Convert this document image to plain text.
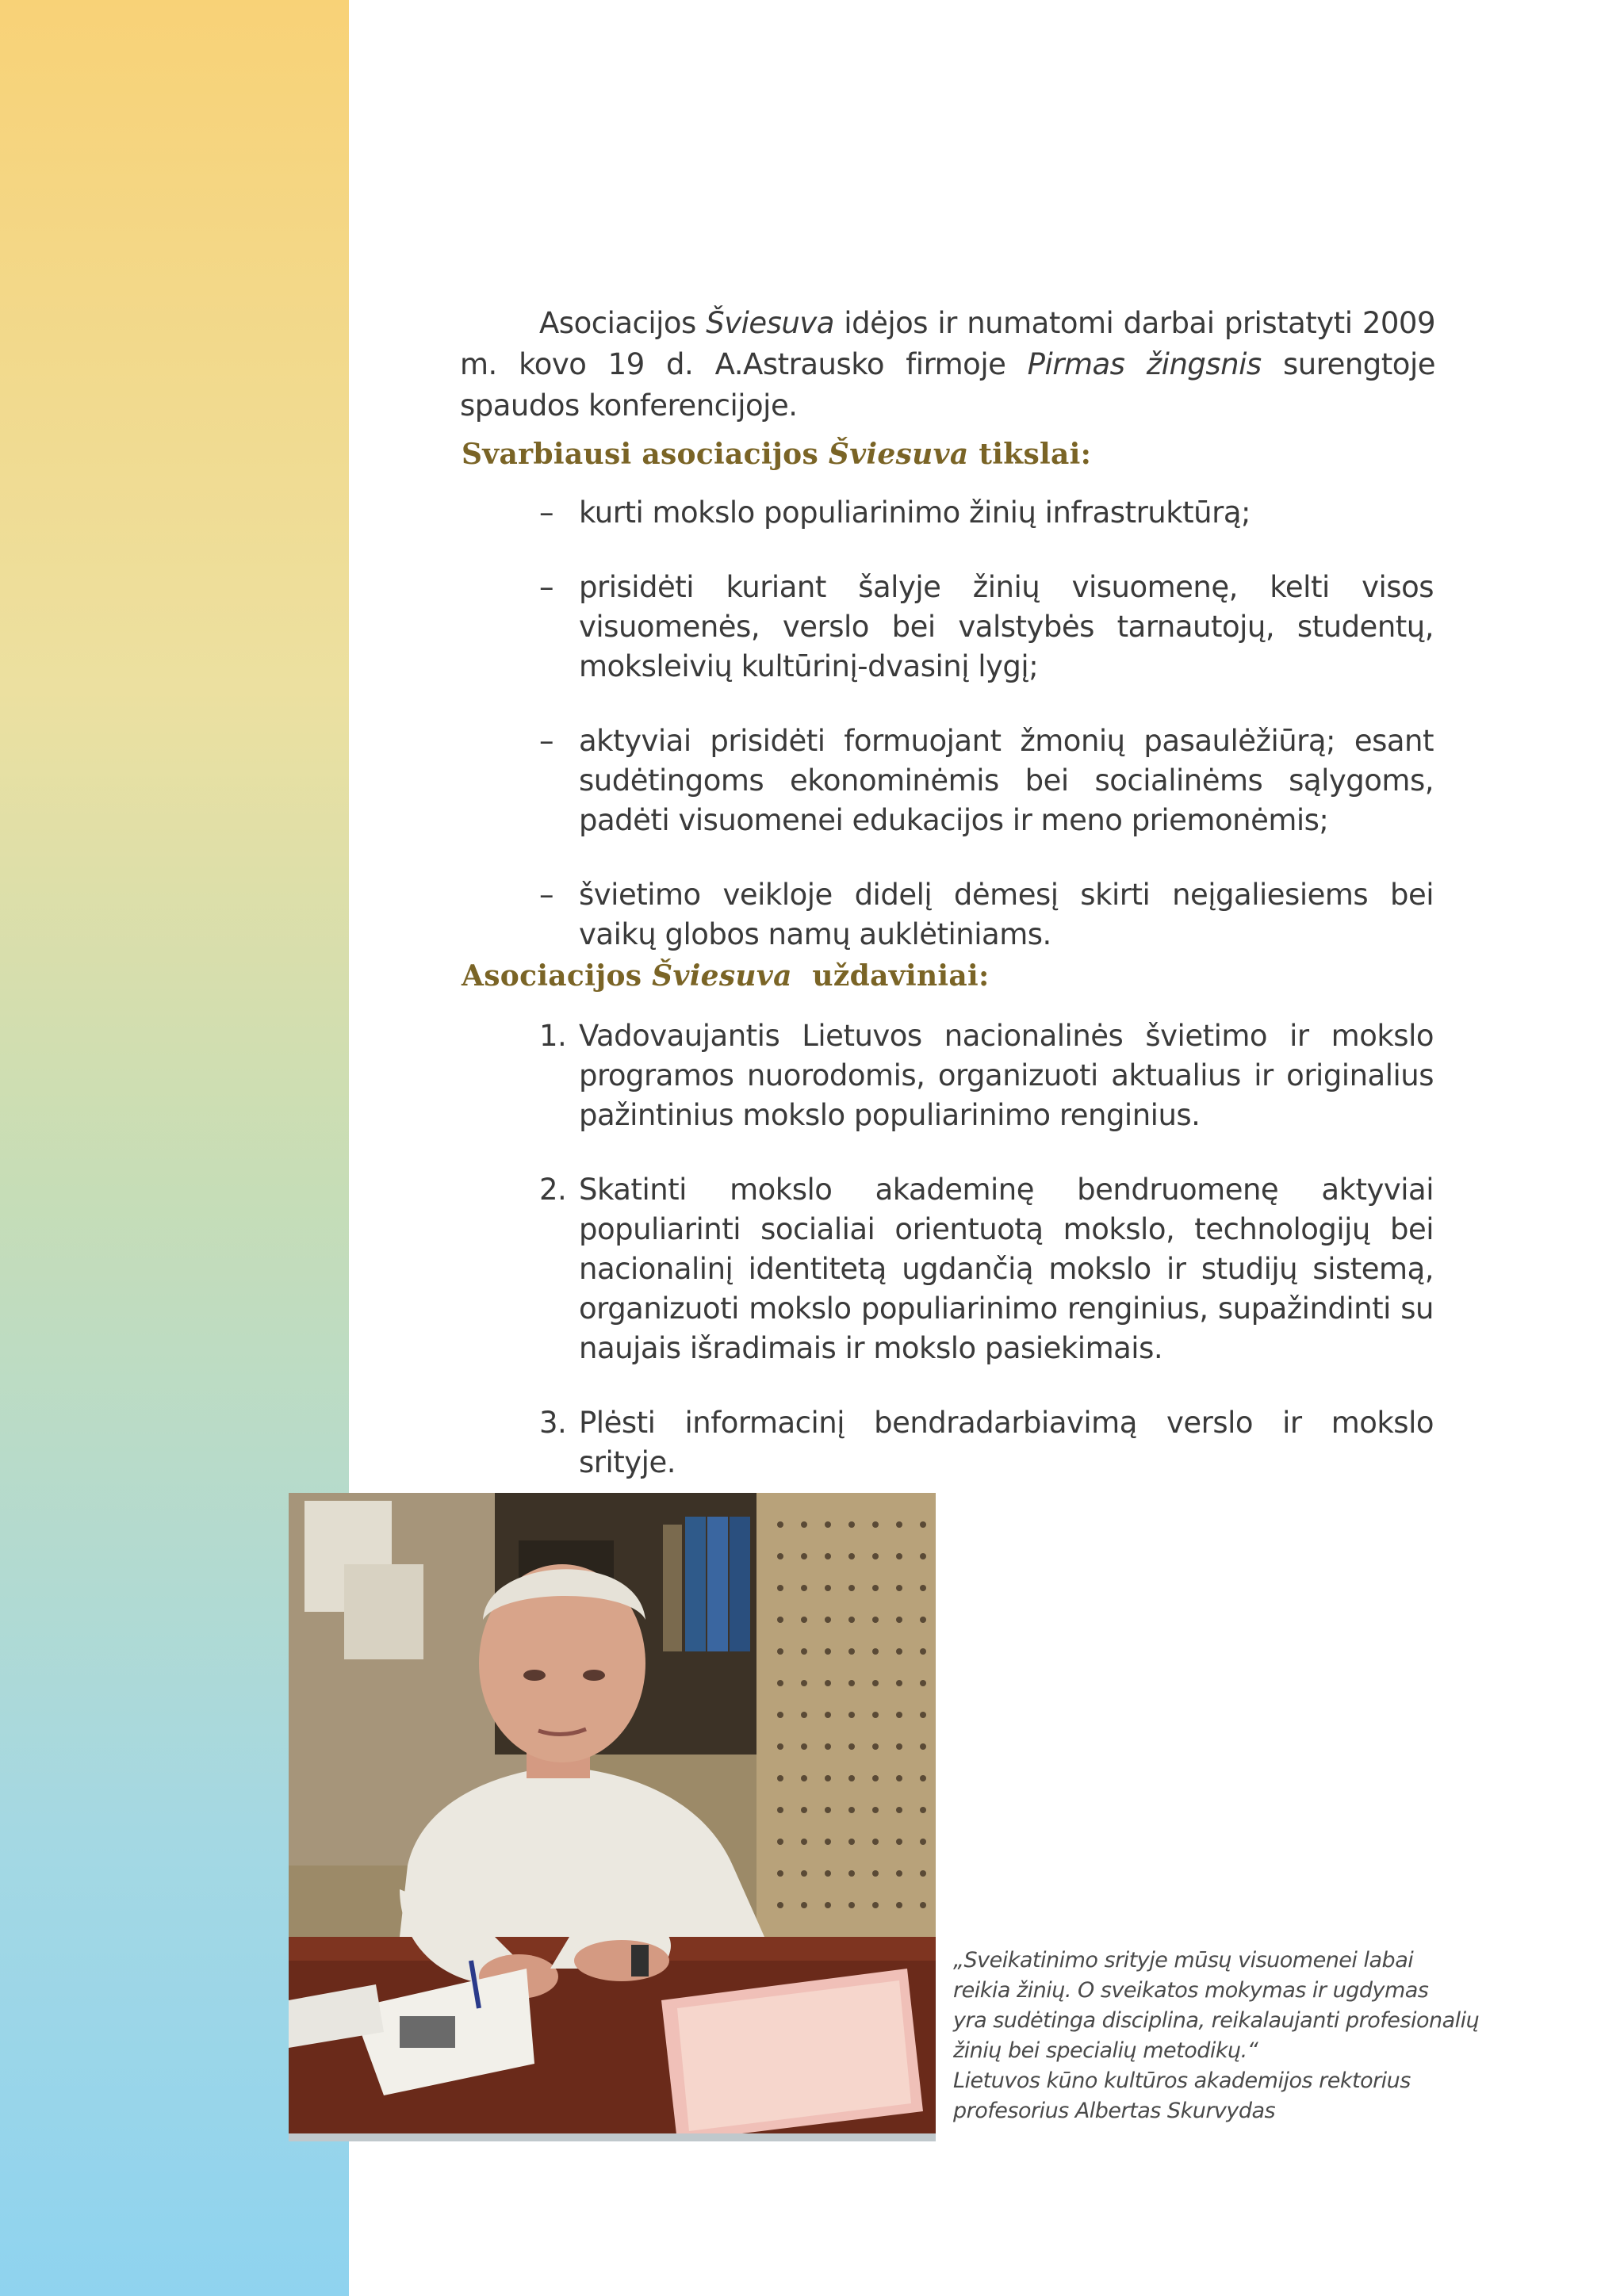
Asociacijos Šviesuva idėjos ir numatomi darbai pristatyti 2009 m. kovo 19 d. A.Astrausko firmoje Pirmas žingsnis surengtoje spaudos konferencijoje.

Svarbiausi asociacijos Šviesuva tikslai:
– kurti mokslo populiarinimo žinių infrastruktūrą;
– prisidėti kuriant šalyje žinių visuomenę, kelti visos visuomenės, verslo bei valstybės tarnautojų, studentų, moksleivių kultūrinį-dvasinį lygį;
– aktyviai prisidėti formuojant žmonių pasaulėžiūrą; esant sudėtingoms ekonominėmis bei socialinėms sąlygoms, padėti visuomenei edukacijos ir meno priemonėmis;
– švietimo veikloje didelį dėmesį skirti neįgaliesiems bei vaikų globos namų auklėtiniams.
Asociacijos Šviesuva  uždaviniai:
1. Vadovaujantis Lietuvos nacionalinės švietimo ir mokslo programos nuorodomis, organizuoti aktualius ir originalius pažintinius mokslo populiarinimo renginius.
2. Skatinti mokslo akademinę bendruomenę aktyviai populiarinti socialiai orientuotą mokslo, technologijų bei nacionalinį identitetą ugdančią mokslo ir studijų sistemą, organizuoti mokslo populiarinimo renginius, supažindinti su naujais išradimais ir mokslo pasiekimais.
3. Plėsti informacinį bendradarbiavimą verslo ir mokslo srityje.
„Sveikatinimo srityje mūsų visuomenei labai
reikia žinių. O sveikatos mokymas ir ugdymas
yra sudėtinga disciplina, reikalaujanti profesionalių
žinių bei specialių metodikų.“
Lietuvos kūno kultūros akademijos rektorius
profesorius Albertas Skurvydas
